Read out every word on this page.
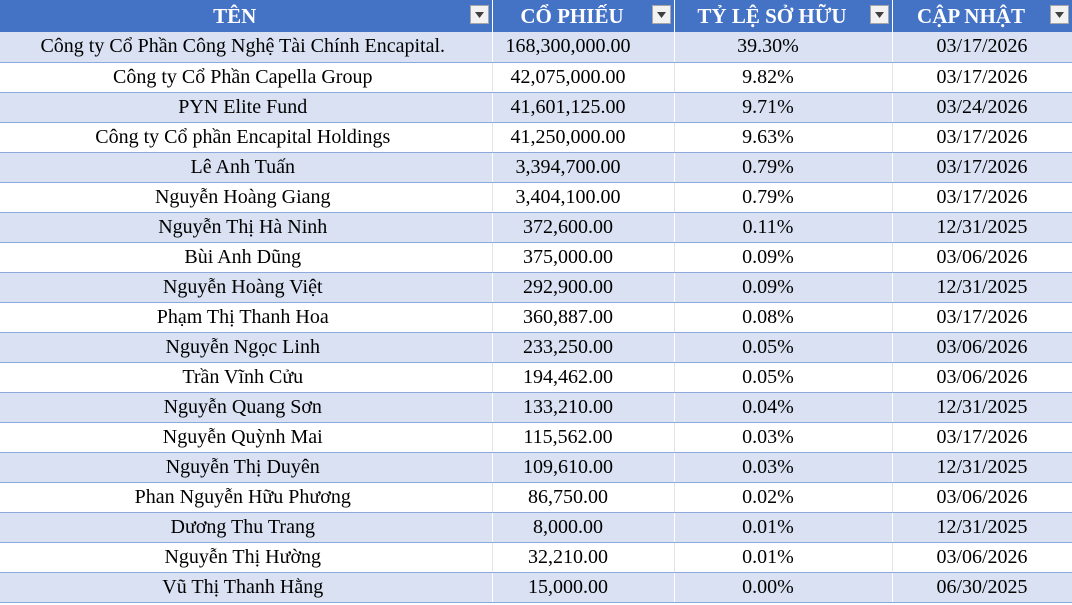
TÊN	CỔ PHIẾU	TỶ LỆ SỞ HỮU	CẬP NHẬT

Công ty Cổ Phần Công Nghệ Tài Chính Encapital.	168,300,000.00	39.30%	03/17/2026
Công ty Cổ Phần Capella Group	42,075,000.00	9.82%	03/17/2026
PYN Elite Fund	41,601,125.00	9.71%	03/24/2026
Công ty Cổ phần Encapital Holdings	41,250,000.00	9.63%	03/17/2026
Lê Anh Tuấn	3,394,700.00	0.79%	03/17/2026
Nguyễn Hoàng Giang	3,404,100.00	0.79%	03/17/2026
Nguyễn Thị Hà Ninh	372,600.00	0.11%	12/31/2025
Bùi Anh Dũng	375,000.00	0.09%	03/06/2026
Nguyễn Hoàng Việt	292,900.00	0.09%	12/31/2025
Phạm Thị Thanh Hoa	360,887.00	0.08%	03/17/2026
Nguyễn Ngọc Linh	233,250.00	0.05%	03/06/2026
Trần Vĩnh Cửu	194,462.00	0.05%	03/06/2026
Nguyễn Quang Sơn	133,210.00	0.04%	12/31/2025
Nguyễn Quỳnh Mai	115,562.00	0.03%	03/17/2026
Nguyễn Thị Duyên	109,610.00	0.03%	12/31/2025
Phan Nguyễn Hữu Phương	86,750.00	0.02%	03/06/2026
Dương Thu Trang	8,000.00	0.01%	12/31/2025
Nguyễn Thị Hường	32,210.00	0.01%	03/06/2026
Vũ Thị Thanh Hằng	15,000.00	0.00%	06/30/2025
